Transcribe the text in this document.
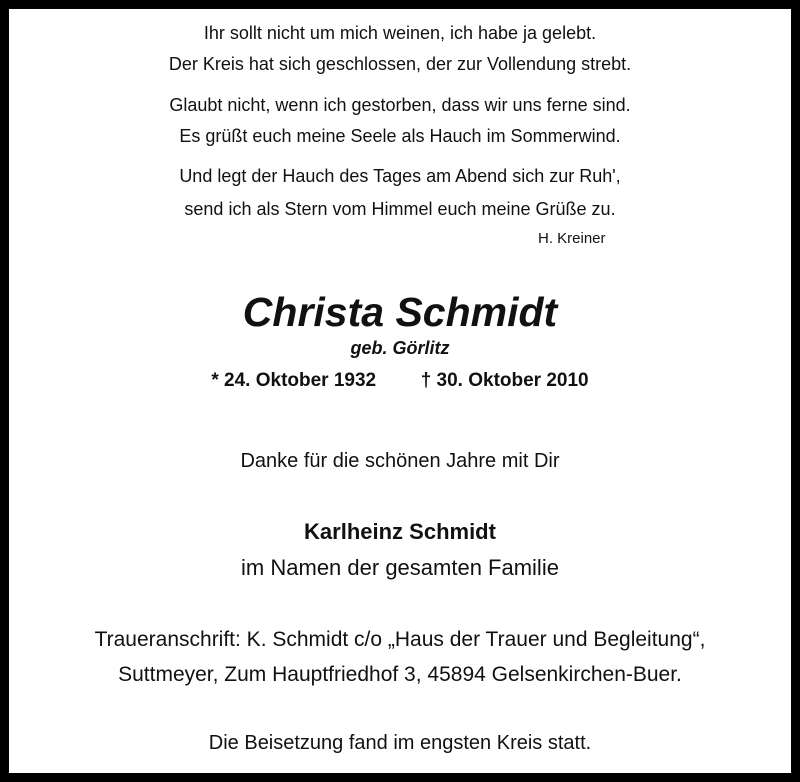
Ihr sollt nicht um mich weinen, ich habe ja gelebt.
Der Kreis hat sich geschlossen, der zur Vollendung strebt.
Glaubt nicht, wenn ich gestorben, dass wir uns ferne sind.
Es grüßt euch meine Seele als Hauch im Sommerwind.
Und legt der Hauch des Tages am Abend sich zur Ruh',
send ich als Stern vom Himmel euch meine Grüße zu.
H. Kreiner
Christa Schmidt
geb. Görlitz
* 24. Oktober 1932 † 30. Oktober 2010
Danke für die schönen Jahre mit Dir
Karlheinz Schmidt
im Namen der gesamten Familie
Traueranschrift: K. Schmidt c/o „Haus der Trauer und Begleitung“,
Suttmeyer, Zum Hauptfriedhof 3, 45894 Gelsenkirchen-Buer.
Die Beisetzung fand im engsten Kreis statt.
